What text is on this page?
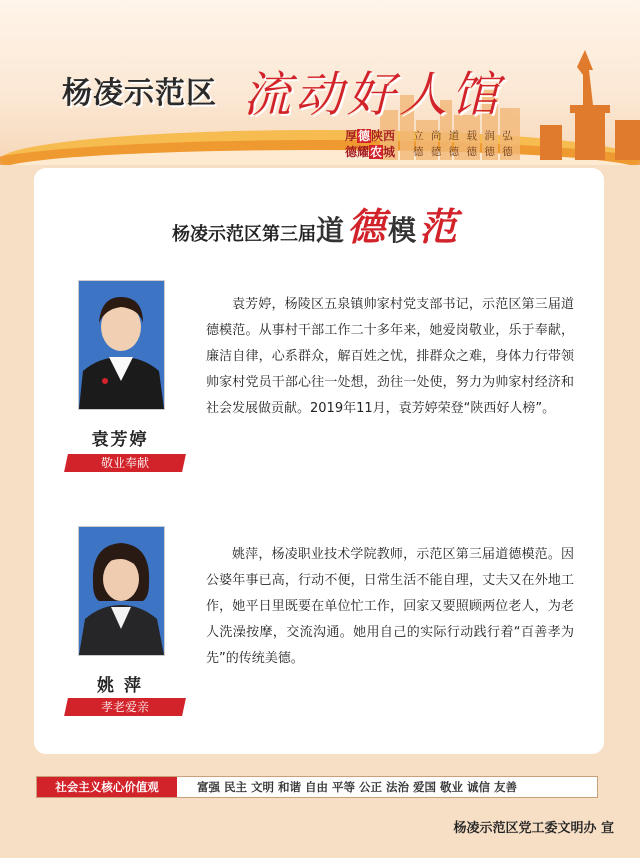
杨凌示范区 流动好人馆
厚德陕西
德耀农城
立 尚 道 载 润 弘
德 德 德 德 德 德
杨凌示范区第三届道德模范
袁芳婷
敬业奉献
袁芳婷，杨陵区五泉镇帅家村党支部书记，示范区第三届道德模范。从事村干部工作二十多年来，她爱岗敬业，乐于奉献，廉洁自律，心系群众，解百姓之忧，排群众之难，身体力行带领帅家村党员干部心往一处想，劲往一处使，努力为帅家村经济和社会发展做贡献。2019年11月，袁芳婷荣登“陕西好人榜”。
姚 萍
孝老爱亲
姚萍，杨凌职业技术学院教师，示范区第三届道德模范。因公婆年事已高，行动不便，日常生活不能自理，丈夫又在外地工作，她平日里既要在单位忙工作，回家又要照顾两位老人，为老人洗澡按摩，交流沟通。她用自己的实际行动践行着“百善孝为先”的传统美德。
社会主义核心价值观	富强 民主 文明 和谐 自由 平等 公正 法治 爱国 敬业 诚信 友善
杨凌示范区党工委文明办 宣
